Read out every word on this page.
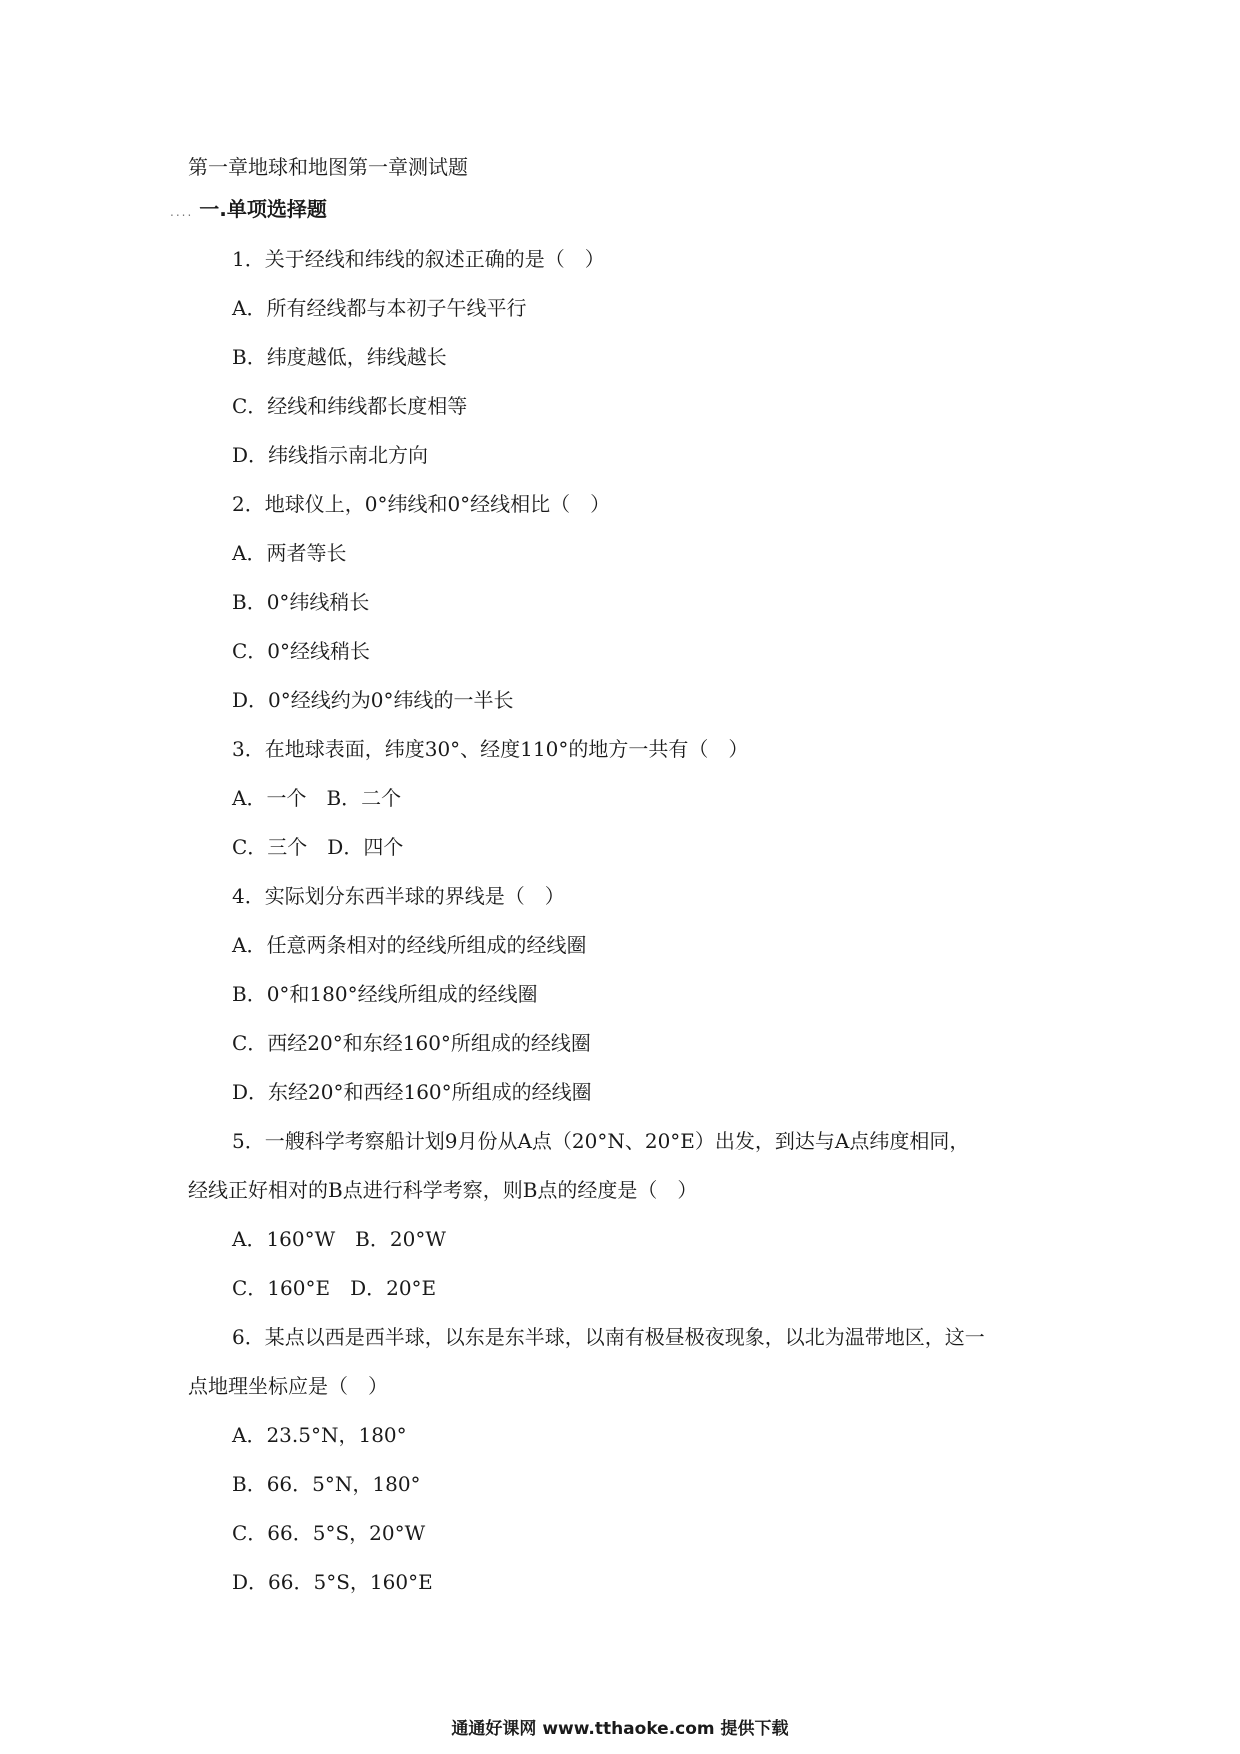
第一章地球和地图第一章测试题
.... 一.单项选择题
1．关于经线和纬线的叙述正确的是（　）
A．所有经线都与本初子午线平行
B．纬度越低，纬线越长
C．经线和纬线都长度相等
D．纬线指示南北方向
2．地球仪上，0°纬线和0°经线相比（　）
A．两者等长
B．0°纬线稍长
C．0°经线稍长
D．0°经线约为0°纬线的一半长
3．在地球表面，纬度30°、经度110°的地方一共有（　）
A．一个　B．二个
C．三个　D．四个
4．实际划分东西半球的界线是（　）
A．任意两条相对的经线所组成的经线圈
B．0°和180°经线所组成的经线圈
C．西经20°和东经160°所组成的经线圈
D．东经20°和西经160°所组成的经线圈
5．一艘科学考察船计划9月份从A点（20°N、20°E）出发，到达与A点纬度相同，
经线正好相对的B点进行科学考察，则B点的经度是（　）
A．160°W　B．20°W
C．160°E　D．20°E
6．某点以西是西半球，以东是东半球，以南有极昼极夜现象，以北为温带地区，这一
点地理坐标应是（　）
A．23.5°N，180°
B．66．5°N，180°
C．66．5°S，20°W
D．66．5°S，160°E
通通好课网 www.tthaoke.com 提供下载
